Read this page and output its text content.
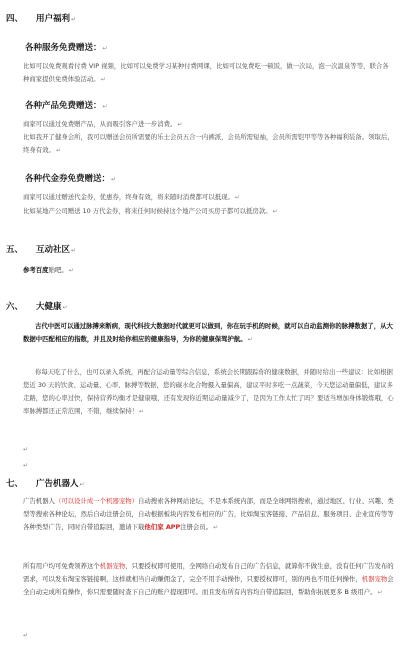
四、 用户福利↵
各种服务免费赠送：↵
比如可以免费观看付费 VIP 视频，比如可以免费学习某种付费网课，比如可以免费吃一顿饭，做一次局，泡一次温泉等等，联合各种商家提供免费体验活动。↵
各种产品免费赠送：↵
商家可以通过免费赠产品，从而吸引客户进一步消费。↵
比如我开了健身会所，我可以赠送会员所需要的乐士会员五合一内裤派，会员所需短袖，会员所需铠甲等等各种福利装备。领取后，终身有效。↵
各种代金券免费赠送：↵
商家可以通过赠送代金券，优惠券，终身有效，将来随时消费都可以抵现。↵
比如某地产公司赠送 10 万代金券，将来任何时候持这个地产公司买房子都可以抵房款。↵
五、 互动社区↵
参考百度贴吧。↵
六、 大健康↵
古代中医可以通过脉搏来断病，现代科技大数据时代就更可以做到，你在玩手机的时候，就可以自动监测你的脉搏数据了，从大数据中匹配相应的指数，并且及时给你相应的健康指导，为你的健康保驾护航。↵
你每天吃了什么，也可以录入系统，再配合运动量等综合信息，系统会长期跟踪你的健康数据，并随时给出一些建议：比如根据您近 30 天的饮食、运动量、心率、脉搏等数据，您的碳水化合物摄入量偏高，建议平时多吃一点蔬菜，今天您运动量偏低，建议多走路，您的心率过快，保持营养均衡才是健康哦，还有发现你近期运动量减少了，是因为工作太忙了吗？要适当增加身体锻炼哦，心率脉搏都还正常范围，不错，继续保持！↵
↵
↵
七、 广告机器人↵
广告机器人（可以设计成一个机器宠物）自动搜索各种网站论坛，不是本系统内部，而是全球网络搜索，通过地区、行业、兴趣、类型等搜索各种论坛，然后自动注册会员，自动根据板块内容发布相应的广告，比如淘宝客链接、产品信息、服务项目、企业宣传等等各种类型广告，同时自带追踪回，邀请下载他们家 APP注册会员。↵
所有用户均可免费领养这个机器宠物，只要授权即可使用，全网络自动发布自己的广告信息，就算你不做生意，没有任何广告发布的需求，可以发布淘宝客链接啊，这样就相当自动赚佣金了，完全不用手动操作，只要授权即可，别的再也不用任何操作，机器宠物会全自动完成所有操作，你只需要随时查下自己的账户提现即可。而且发布所有内容均自带追踪回，帮助你拓展更多 B 级用户。↵
↵
